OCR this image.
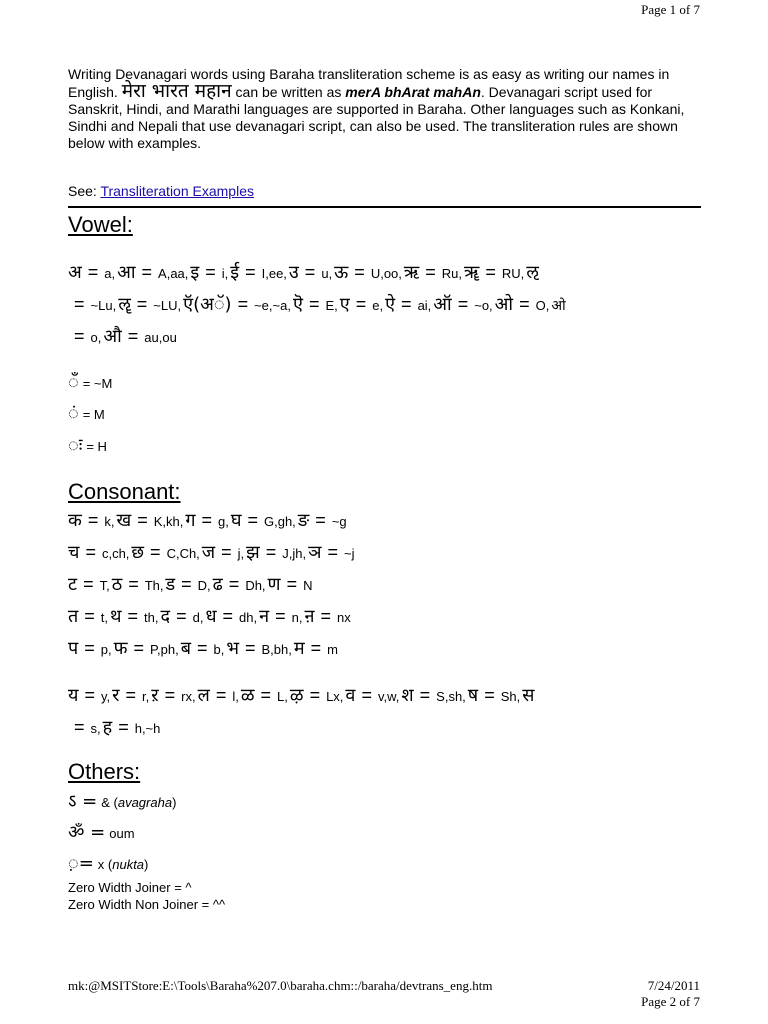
Page 1 of 7

Writing Devanagari words using Baraha transliteration scheme is as easy as writing our names in English. मेरा भारत महान can be written as merA bhArat mahAn. Devanagari script used for Sanskrit, Hindi, and Marathi languages are supported in Baraha. Other languages such as Konkani, Sindhi and Nepali that use devanagari script, can also be used. The transliteration rules are shown below with examples.

See: Transliteration Examples
Vowel:
अ = a, आ = A,aa, इ = i, ई = I,ee, उ = u, ऊ = U,oo, ऋ = Ru, ॠ = RU, ऌ
= ~Lu, ॡ = ~LU, ऍ(अॅ) = ~e,~a, ऎ = E, ए = e, ऐ = ai, ऑ = ~o, ओ = O, ओ
= o, औ = au,ou
ँ = ~M
ं = M
ः = H
Consonant:
क = k, ख = K,kh, ग = g, घ = G,gh, ङ = ~g
च = c,ch, छ = C,Ch, ज = j, झ = J,jh, ञ = ~j
ट = T, ठ = Th, ड = D, ढ = Dh, ण = N
त = t, थ = th, द = d, ध = dh, न = n, ऩ = nx
प = p, फ = P,ph, ब = b, भ = B,bh, म = m
य = y, र = r, ऱ = rx, ल = l, ळ = L, ऴ = Lx, व = v,w, श = S,sh, ष = Sh, स
= s, ह = h,~h
Others:
ऽ = & (avagraha)
ॐ = oum
़= x (nukta)
Zero Width Joiner = ^
Zero Width Non Joiner = ^^
mk:@MSITStore:E:\Tools\Baraha%207.0\baraha.chm::/baraha/devtrans_eng.htm	7/24/2011
Page 2 of 7
